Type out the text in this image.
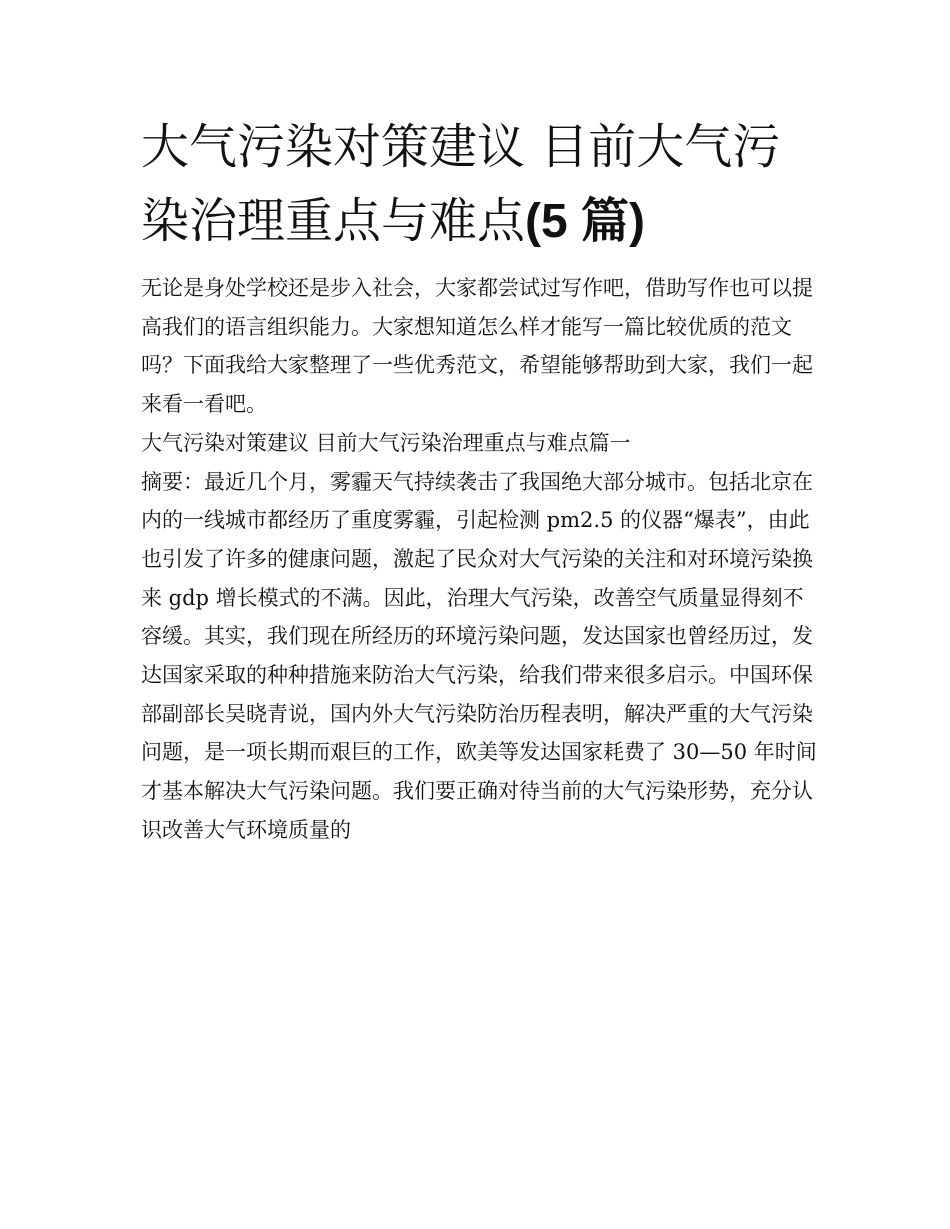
大气污染对策建议 目前大气污染治理重点与难点(5 篇)

无论是身处学校还是步入社会，大家都尝试过写作吧，借助写作也可以提高我们的语言组织能力。大家想知道怎么样才能写一篇比较优质的范文吗？下面我给大家整理了一些优秀范文，希望能够帮助到大家，我们一起来看一看吧。

大气污染对策建议 目前大气污染治理重点与难点篇一

摘要：最近几个月，雾霾天气持续袭击了我国绝大部分城市。包括北京在内的一线城市都经历了重度雾霾，引起检测 pm2.5 的仪器“爆表”，由此也引发了许多的健康问题，激起了民众对大气污染的关注和对环境污染换来 gdp 增长模式的不满。因此，治理大气污染，改善空气质量显得刻不容缓。其实，我们现在所经历的环境污染问题，发达国家也曾经历过，发达国家采取的种种措施来防治大气污染，给我们带来很多启示。中国环保部副部长吴晓青说，国内外大气污染防治历程表明，解决严重的大气污染问题，是一项长期而艰巨的工作，欧美等发达国家耗费了 30—50 年时间才基本解决大气污染问题。我们要正确对待当前的大气污染形势，充分认识改善大气环境质量的
